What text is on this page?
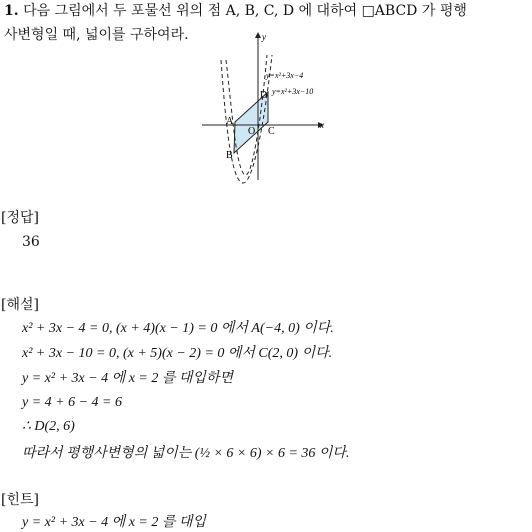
1. 다음 그림에서 두 포물선 위의 점 A, B, C, D 에 대하여 □ABCD 가 평행
사변형일 때, 넓이를 구하여라.	y
x
y=x²+3x−4
y=x²+3x−10
D
A
O C
B
[정답]
36
[해설]
x² + 3x − 4 = 0, (x + 4)(x − 1) = 0 에서 A(−4, 0) 이다.
x² + 3x − 10 = 0, (x + 5)(x − 2) = 0 에서 C(2, 0) 이다.
y = x² + 3x − 4 에 x = 2 를 대입하면
y = 4 + 6 − 4 = 6
∴ D(2, 6)
따라서 평행사변형의 넓이는 (½ × 6 × 6) × 6 = 36 이다.
[힌트]
y = x² + 3x − 4 에 x = 2 를 대입
